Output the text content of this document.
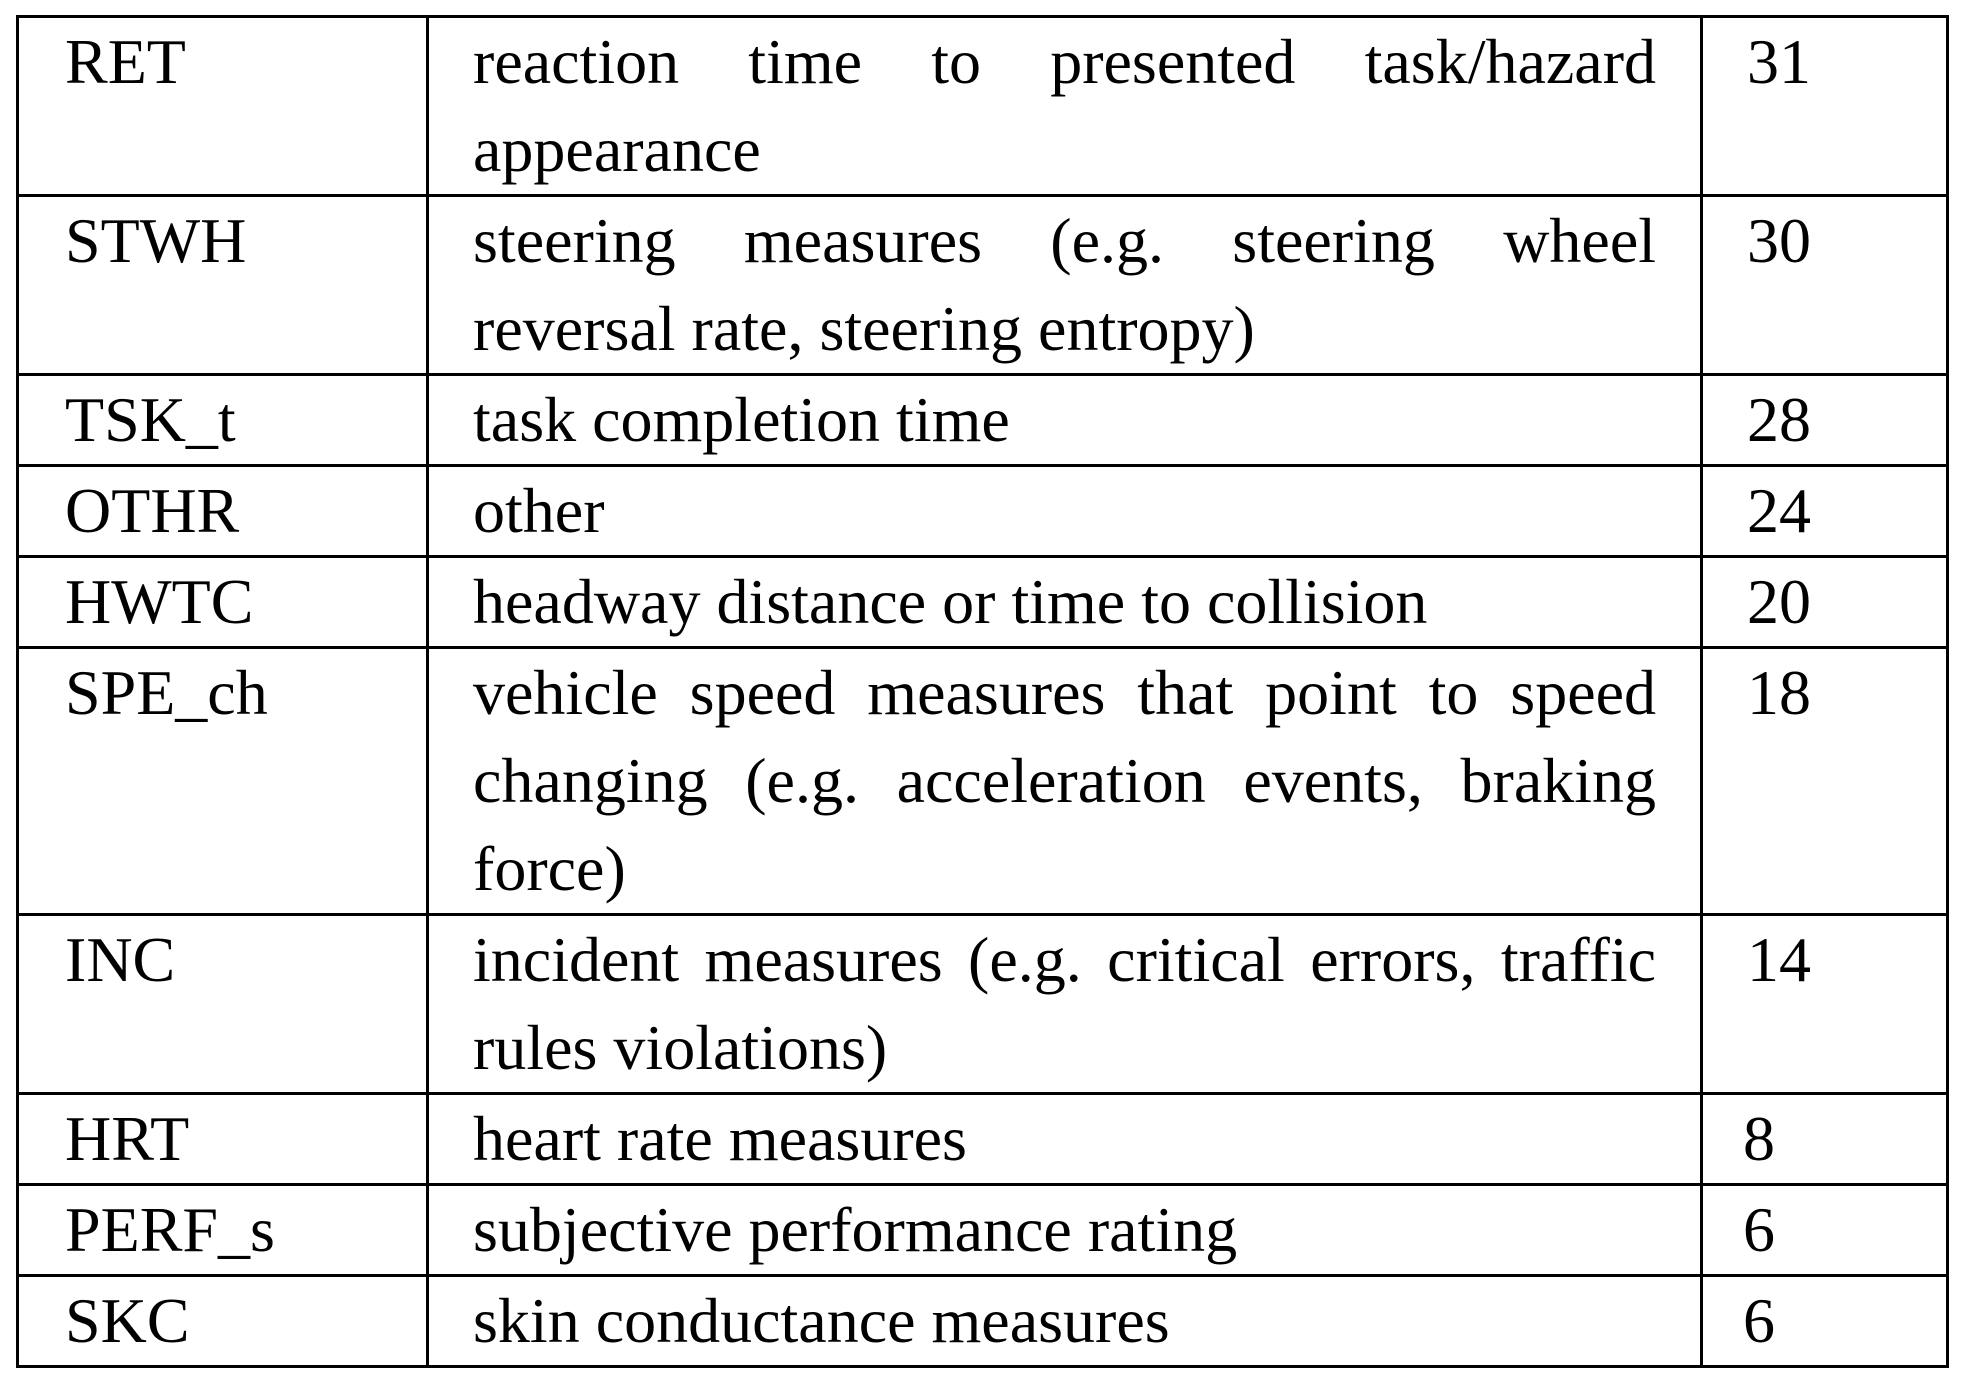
RET	reaction time to presented task/hazard appearance	31
STWH	steering measures (e.g. steering wheel reversal rate, steering entropy)	30
TSK_t	task completion time	28
OTHR	other	24
HWTC	headway distance or time to collision	20
SPE_ch	vehicle speed measures that point to speed changing (e.g. acceleration events, braking force)	18
INC	incident measures (e.g. critical errors, traffic rules violations)	14
HRT	heart rate measures	8
PERF_s	subjective performance rating	6
SKC	skin conductance measures	6
